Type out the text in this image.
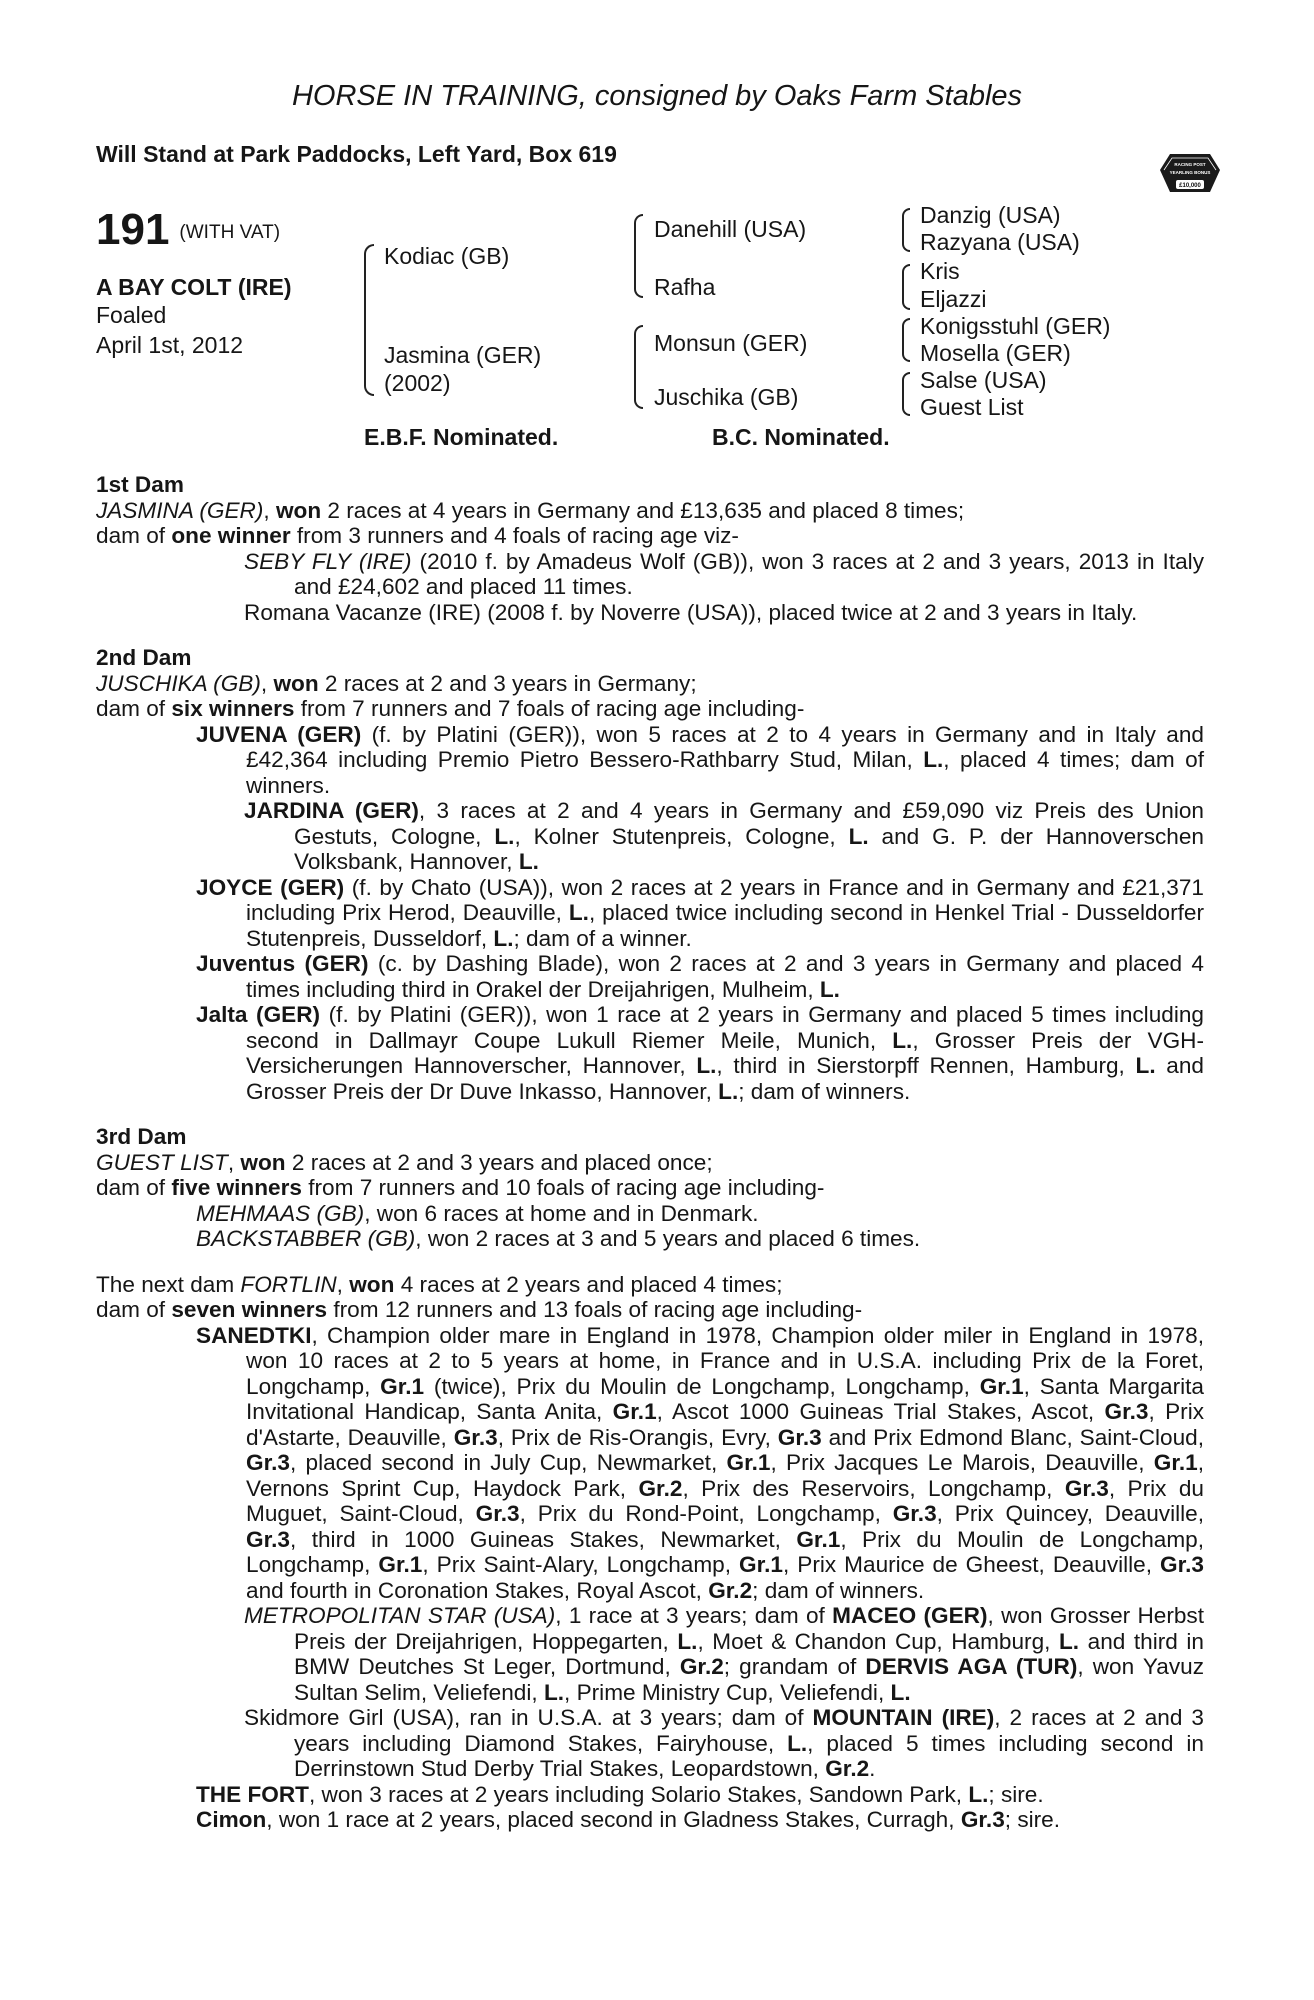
HORSE IN TRAINING, consigned by Oaks Farm Stables
Will Stand at Park Paddocks, Left Yard, Box 619	RACING POST
YEARLING BONUS
£10,000
191 (WITH VAT)
A BAY COLT (IRE)
Foaled
April 1st, 2012
Kodiac (GB)
Jasmina (GER)
(2002)
Danehill (USA)
Rafha
Monsun (GER)
Juschika (GB)
Danzig (USA)
Razyana (USA)
Kris
Eljazzi
Konigsstuhl (GER)
Mosella (GER)
Salse (USA)
Guest List
E.B.F. Nominated.	B.C. Nominated.
1st Dam

JASMINA (GER), won 2 races at 4 years in Germany and £13,635 and placed 8 times;

dam of one winner from 3 runners and 4 foals of racing age viz-

SEBY FLY (IRE) (2010 f. by Amadeus Wolf (GB)), won 3 races at 2 and 3 years, 2013 in Italy and £24,602 and placed 11 times.

Romana Vacanze (IRE) (2008 f. by Noverre (USA)), placed twice at 2 and 3 years in Italy.

2nd Dam

JUSCHIKA (GB), won 2 races at 2 and 3 years in Germany;

dam of six winners from 7 runners and 7 foals of racing age including-

JUVENA (GER) (f. by Platini (GER)), won 5 races at 2 to 4 years in Germany and in Italy and £42,364 including Premio Pietro Bessero-Rathbarry Stud, Milan, L., placed 4 times; dam of winners.

JARDINA (GER), 3 races at 2 and 4 years in Germany and £59,090 viz Preis des Union Gestuts, Cologne, L., Kolner Stutenpreis, Cologne, L. and G. P. der Hannoverschen Volksbank, Hannover, L.

JOYCE (GER) (f. by Chato (USA)), won 2 races at 2 years in France and in Germany and £21,371 including Prix Herod, Deauville, L., placed twice including second in Henkel Trial - Dusseldorfer Stutenpreis, Dusseldorf, L.; dam of a winner.

Juventus (GER) (c. by Dashing Blade), won 2 races at 2 and 3 years in Germany and placed 4 times including third in Orakel der Dreijahrigen, Mulheim, L.

Jalta (GER) (f. by Platini (GER)), won 1 race at 2 years in Germany and placed 5 times including second in Dallmayr Coupe Lukull Riemer Meile, Munich, L., Grosser Preis der VGH-Versicherungen Hannoverscher, Hannover, L., third in Sierstorpff Rennen, Hamburg, L. and Grosser Preis der Dr Duve Inkasso, Hannover, L.; dam of winners.

3rd Dam

GUEST LIST, won 2 races at 2 and 3 years and placed once;

dam of five winners from 7 runners and 10 foals of racing age including-

MEHMAAS (GB), won 6 races at home and in Denmark.

BACKSTABBER (GB), won 2 races at 3 and 5 years and placed 6 times.

The next dam FORTLIN, won 4 races at 2 years and placed 4 times;

dam of seven winners from 12 runners and 13 foals of racing age including-

SANEDTKI, Champion older mare in England in 1978, Champion older miler in England in 1978, won 10 races at 2 to 5 years at home, in France and in U.S.A. including Prix de la Foret, Longchamp, Gr.1 (twice), Prix du Moulin de Longchamp, Longchamp, Gr.1, Santa Margarita Invitational Handicap, Santa Anita, Gr.1, Ascot 1000 Guineas Trial Stakes, Ascot, Gr.3, Prix d'Astarte, Deauville, Gr.3, Prix de Ris-Orangis, Evry, Gr.3 and Prix Edmond Blanc, Saint-Cloud, Gr.3, placed second in July Cup, Newmarket, Gr.1, Prix Jacques Le Marois, Deauville, Gr.1, Vernons Sprint Cup, Haydock Park, Gr.2, Prix des Reservoirs, Longchamp, Gr.3, Prix du Muguet, Saint-Cloud, Gr.3, Prix du Rond-Point, Longchamp, Gr.3, Prix Quincey, Deauville, Gr.3, third in 1000 Guineas Stakes, Newmarket, Gr.1, Prix du Moulin de Longchamp, Longchamp, Gr.1, Prix Saint-Alary, Longchamp, Gr.1, Prix Maurice de Gheest, Deauville, Gr.3 and fourth in Coronation Stakes, Royal Ascot, Gr.2; dam of winners.

METROPOLITAN STAR (USA), 1 race at 3 years; dam of MACEO (GER), won Grosser Herbst Preis der Dreijahrigen, Hoppegarten, L., Moet & Chandon Cup, Hamburg, L. and third in BMW Deutches St Leger, Dortmund, Gr.2; grandam of DERVIS AGA (TUR), won Yavuz Sultan Selim, Veliefendi, L., Prime Ministry Cup, Veliefendi, L.

Skidmore Girl (USA), ran in U.S.A. at 3 years; dam of MOUNTAIN (IRE), 2 races at 2 and 3 years including Diamond Stakes, Fairyhouse, L., placed 5 times including second in Derrinstown Stud Derby Trial Stakes, Leopardstown, Gr.2.

THE FORT, won 3 races at 2 years including Solario Stakes, Sandown Park, L.; sire.

Cimon, won 1 race at 2 years, placed second in Gladness Stakes, Curragh, Gr.3; sire.
